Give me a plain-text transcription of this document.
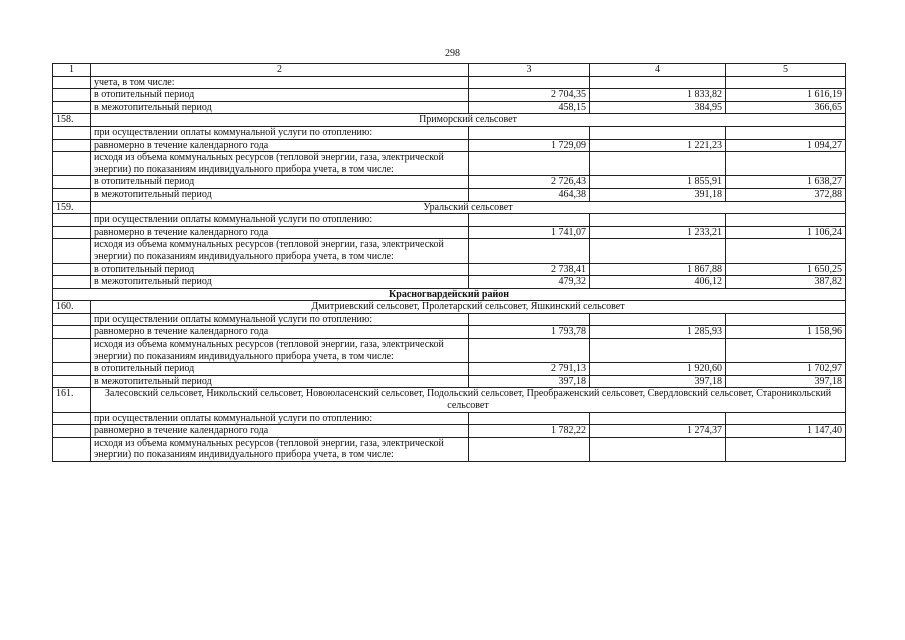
298
1	2	3	4	5
	учета, в том числе:			
	в отопительный период	2 704,35	1 833,82	1 616,19
	в межотопительный период	458,15	384,95	366,65
158.	Приморский сельсовет			
	при осуществлении оплаты коммунальной услуги по отоплению:			
	равномерно в течение календарного года	1 729,09	1 221,23	1 094,27
	исходя из объема коммунальных ресурсов (тепловой энергии, газа, электрической энергии) по показаниям индивидуального прибора учета, в том числе:			
	в отопительный период	2 726,43	1 855,91	1 638,27
	в межотопительный период	464,38	391,18	372,88
159.	Уральский сельсовет			
	при осуществлении оплаты коммунальной услуги по отоплению:			
	равномерно в течение календарного года	1 741,07	1 233,21	1 106,24
	исходя из объема коммунальных ресурсов (тепловой энергии, газа, электрической энергии) по показаниям индивидуального прибора учета, в том числе:			
	в отопительный период	2 738,41	1 867,88	1 650,25
	в межотопительный период	479,32	406,12	387,82
Красногвардейский район				
160.	Дмитриевский сельсовет, Пролетарский сельсовет, Яшкинский сельсовет			
	при осуществлении оплаты коммунальной услуги по отоплению:			
	равномерно в течение календарного года	1 793,78	1 285,93	1 158,96
	исходя из объема коммунальных ресурсов (тепловой энергии, газа, электрической энергии) по показаниям индивидуального прибора учета, в том числе:			
	в отопительный период	2 791,13	1 920,60	1 702,97
	в межотопительный период	397,18	397,18	397,18
161.	Залесовский сельсовет, Никольский сельсовет, Новоюласенский сельсовет, Подольский сельсовет, Преображенский сельсовет, Свердловский сельсовет, Староникольский сельсовет			
	при осуществлении оплаты коммунальной услуги по отоплению:			
	равномерно в течение календарного года	1 782,22	1 274,37	1 147,40
	исходя из объема коммунальных ресурсов (тепловой энергии, газа, электрической энергии) по показаниям индивидуального прибора учета, в том числе:			
